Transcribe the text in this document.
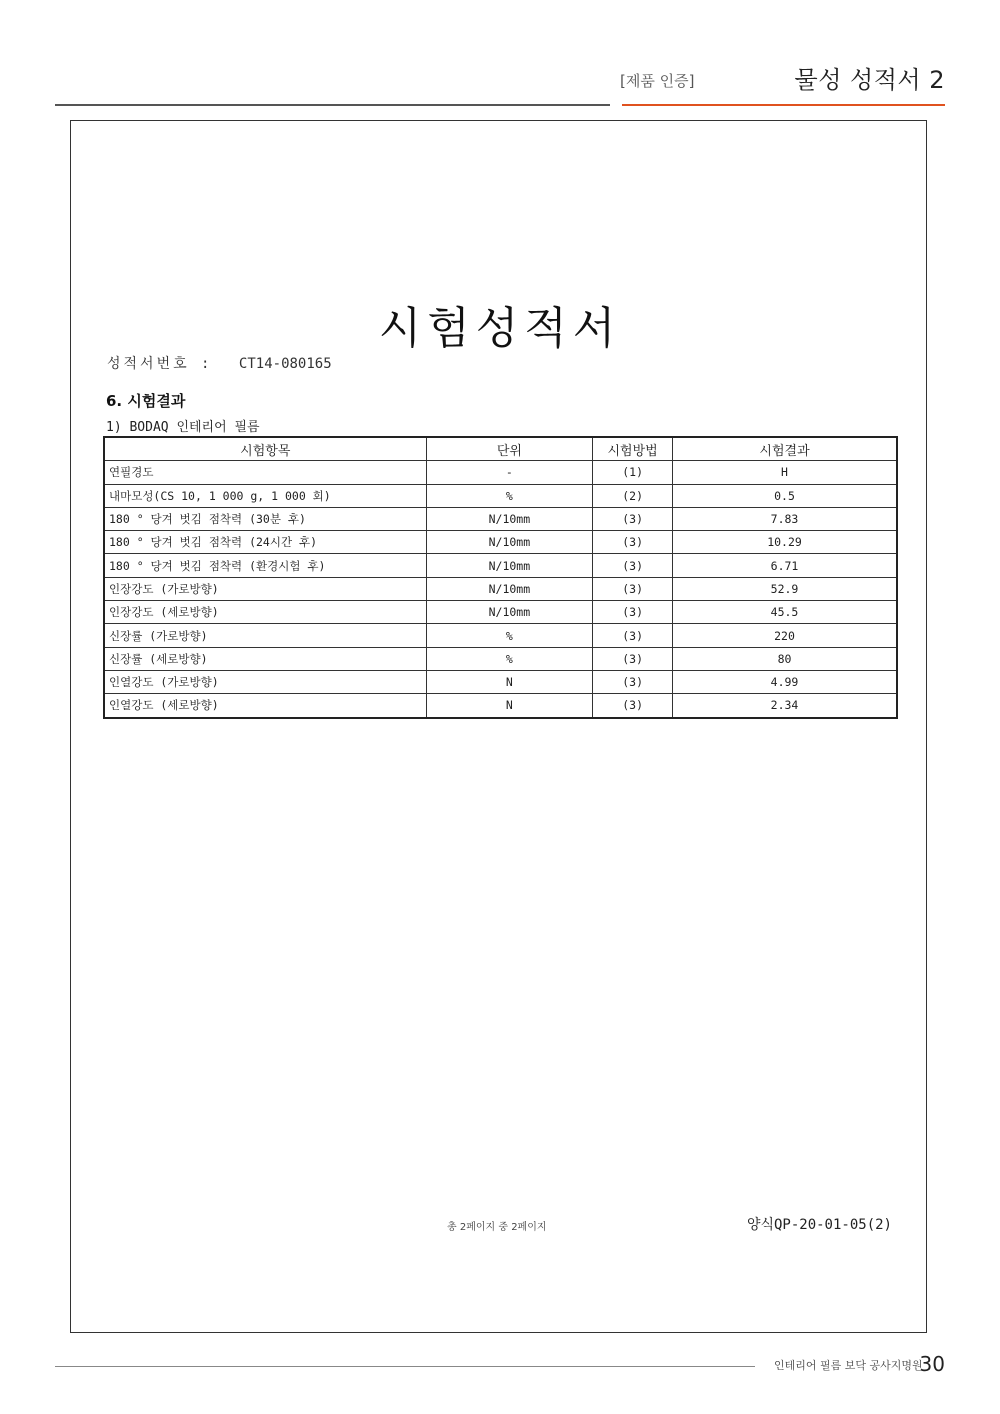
[제품 인증]	물성 성적서 2
시험성적서
성적서번호 : CT14-080165
6. 시험결과
1) BODAQ 인테리어 필름
시험항목	단위	시험방법	시험결과
연필경도	-	(1)	H
내마모성(CS 10, 1 000 g, 1 000 회)	%	(2)	0.5
180 ° 당겨 벗김 점착력 (30분 후)	N/10mm	(3)	7.83
180 ° 당겨 벗김 점착력 (24시간 후)	N/10mm	(3)	10.29
180 ° 당겨 벗김 점착력 (환경시험 후)	N/10mm	(3)	6.71
인장강도 (가로방향)	N/10mm	(3)	52.9
인장강도 (세로방향)	N/10mm	(3)	45.5
신장률 (가로방향)	%	(3)	220
신장률 (세로방향)	%	(3)	80
인열강도 (가로방향)	N	(3)	4.99
인열강도 (세로방향)	N	(3)	2.34
총 2페이지 중 2페이지	양식QP-20-01-05(2)
인테리어 필름 보닥 공사지명원
30
